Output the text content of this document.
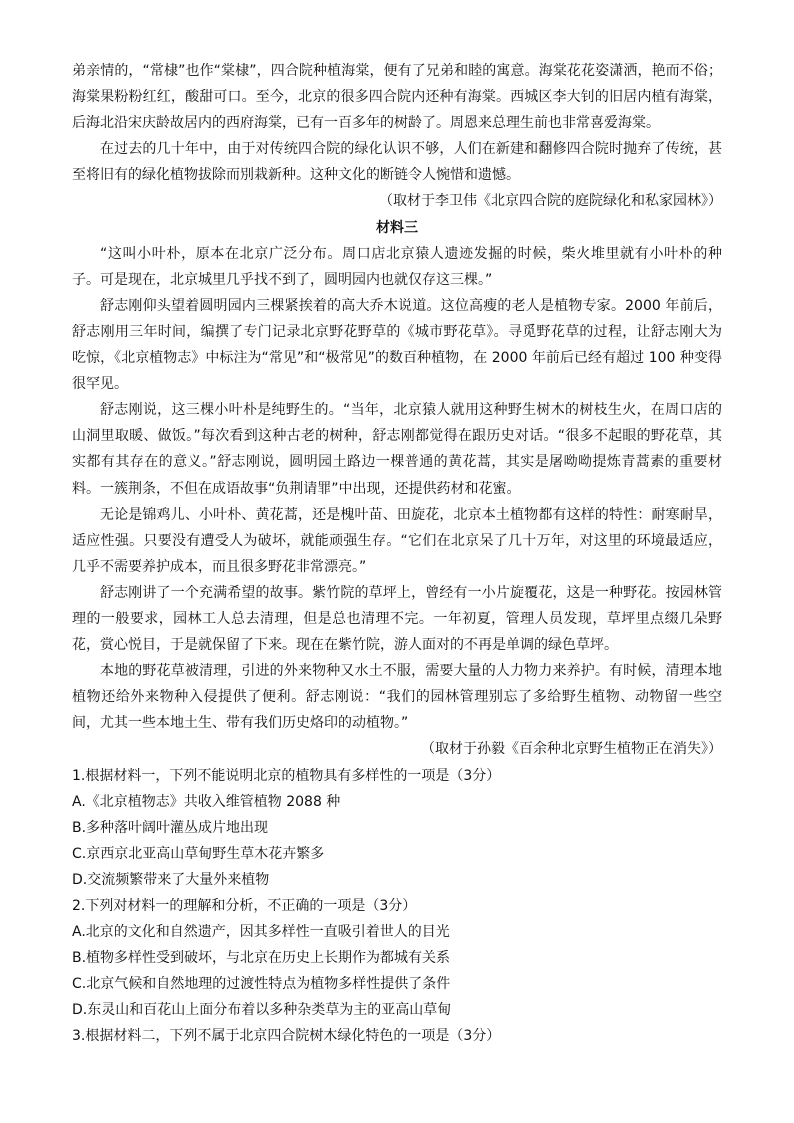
弟亲情的，“常棣”也作“棠棣”，四合院种植海棠，便有了兄弟和睦的寓意。海棠花花姿潇洒，艳而不俗；海棠果粉粉红红，酸甜可口。至今，北京的很多四合院内还种有海棠。西城区李大钊的旧居内植有海棠，后海北沿宋庆龄故居内的西府海棠，已有一百多年的树龄了。周恩来总理生前也非常喜爱海棠。

在过去的几十年中，由于对传统四合院的绿化认识不够，人们在新建和翻修四合院时抛弃了传统，甚至将旧有的绿化植物拔除而別栽新种。这种文化的断链令人惋惜和遗憾。

（取材于李卫伟《北京四合院的庭院绿化和私家园林》）

材料三

“这叫小叶朴，原本在北京广泛分布。周口店北京猿人遗迹发掘的时候，柴火堆里就有小叶朴的种子。可是现在，北京城里几乎找不到了，圆明园内也就仅存这三棵。”

舒志刚仰头望着圆明园内三棵紧挨着的高大乔木说道。这位高瘦的老人是植物专家。2000 年前后，舒志刚用三年时间，编撰了专门记录北京野花野草的《城市野花草》。寻觅野花草的过程，让舒志刚大为吃惊，《北京植物志》中标注为“常见”和“极常见”的数百种植物，在 2000 年前后已经有超过 100 种变得很罕见。

舒志刚说，这三棵小叶朴是纯野生的。“当年，北京猿人就用这种野生树木的树枝生火，在周口店的山洞里取暖、做饭。”每次看到这种古老的树种，舒志刚都觉得在跟历史对话。“很多不起眼的野花草，其实都有其存在的意义。”舒志刚说，圆明园土路边一棵普通的黄花蒿，其实是屠呦呦提炼青蒿素的重要材料。一簇荆条，不但在成语故事“负荆请罪”中出现，还提供药材和花蜜。

无论是锦鸡儿、小叶朴、黄花蒿，还是槐叶苗、田旋花，北京本土植物都有这样的特性：耐寒耐旱，适应性强。只要没有遭受人为破坏，就能顽强生存。“它们在北京呆了几十万年，对这里的环境最适应，几乎不需要养护成本，而且很多野花非常漂亮。”

舒志刚讲了一个充满希望的故事。紫竹院的草坪上，曾经有一小片旋覆花，这是一种野花。按园林管理的一般要求，园林工人总去清理，但是总也清理不完。一年初夏，管理人员发现，草坪里点缀几朵野花，赏心悦目，于是就保留了下来。现在在紫竹院，游人面对的不再是单调的绿色草坪。

本地的野花草被清理，引进的外来物种又水土不服，需要大量的人力物力来养护。有时候，清理本地植物还给外来物种入侵提供了便利。舒志刚说：“我们的园林管理别忘了多给野生植物、动物留一些空间，尤其一些本地土生、带有我们历史烙印的动植物。”

（取材于孙毅《百余种北京野生植物正在消失》）

1.根据材料一，下列不能说明北京的植物具有多样性的一项是（3分）

A.《北京植物志》共收入维管植物 2088 种

B.多种落叶阔叶灌丛成片地出现

C.京西京北亚高山草甸野生草木花卉繁多

D.交流频繁带来了大量外来植物

2.下列对材料一的理解和分析，不正确的一项是（3分）

A.北京的文化和自然遗产，因其多样性一直吸引着世人的目光

B.植物多样性受到破坏，与北京在历史上长期作为都城有关系

C.北京气候和自然地理的过渡性特点为植物多样性提供了条件

D.东灵山和百花山上面分布着以多种杂类草为主的亚高山草甸

3.根据材料二，下列不属于北京四合院树木绿化特色的一项是（3分）
